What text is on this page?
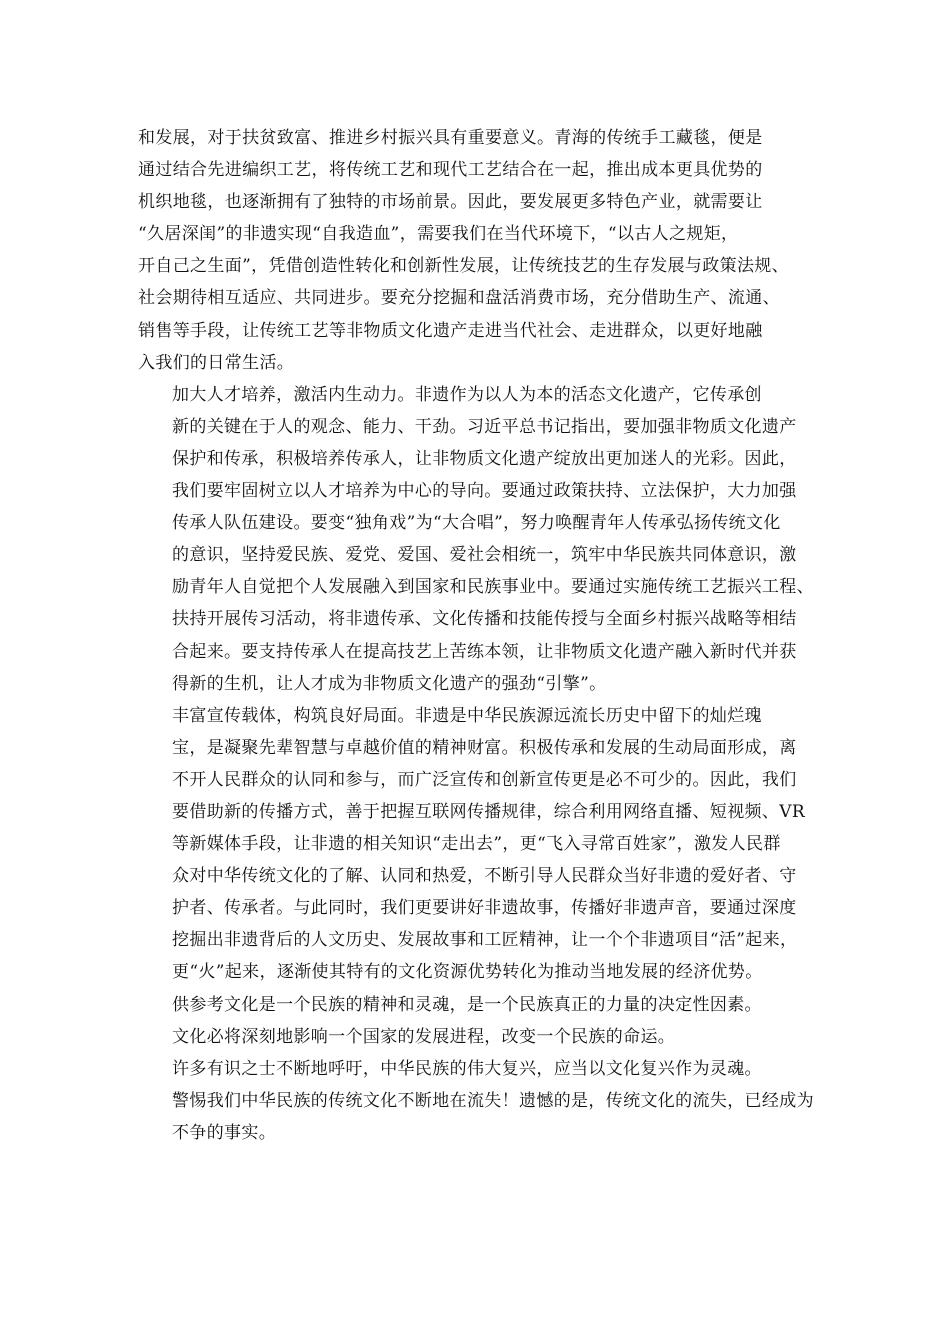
和发展，对于扶贫致富、推进乡村振兴具有重要意义。青海的传统手工藏毯，便是
通过结合先进编织工艺，将传统工艺和现代工艺结合在一起，推出成本更具优势的
机织地毯，也逐渐拥有了独特的市场前景。因此，要发展更多特色产业，就需要让
“久居深闺”的非遗实现“自我造血”，需要我们在当代环境下，“以古人之规矩，
开自己之生面”，凭借创造性转化和创新性发展，让传统技艺的生存发展与政策法规、
社会期待相互适应、共同进步。要充分挖掘和盘活消费市场，充分借助生产、流通、
销售等手段，让传统工艺等非物质文化遗产走进当代社会、走进群众，以更好地融
入我们的日常生活。

加大人才培养，激活内生动力。非遗作为以人为本的活态文化遗产，它传承创
新的关键在于人的观念、能力、干劲。习近平总书记指出，要加强非物质文化遗产
保护和传承，积极培养传承人，让非物质文化遗产绽放出更加迷人的光彩。因此，
我们要牢固树立以人才培养为中心的导向。要通过政策扶持、立法保护，大力加强
传承人队伍建设。要变“独角戏”为“大合唱”，努力唤醒青年人传承弘扬传统文化
的意识，坚持爱民族、爱党、爱国、爱社会相统一，筑牢中华民族共同体意识，激
励青年人自觉把个人发展融入到国家和民族事业中。要通过实施传统工艺振兴工程、
扶持开展传习活动，将非遗传承、文化传播和技能传授与全面乡村振兴战略等相结
合起来。要支持传承人在提高技艺上苦练本领，让非物质文化遗产融入新时代并获
得新的生机，让人才成为非物质文化遗产的强劲“引擎”。

丰富宣传载体，构筑良好局面。非遗是中华民族源远流长历史中留下的灿烂瑰
宝，是凝聚先辈智慧与卓越价值的精神财富。积极传承和发展的生动局面形成，离
不开人民群众的认同和参与，而广泛宣传和创新宣传更是必不可少的。因此，我们
要借助新的传播方式，善于把握互联网传播规律，综合利用网络直播、短视频、VR
等新媒体手段，让非遗的相关知识“走出去”，更“飞入寻常百姓家”，激发人民群
众对中华传统文化的了解、认同和热爱，不断引导人民群众当好非遗的爱好者、守
护者、传承者。与此同时，我们更要讲好非遗故事，传播好非遗声音，要通过深度
挖掘出非遗背后的人文历史、发展故事和工匠精神，让一个个非遗项目“活”起来，
更“火”起来，逐渐使其特有的文化资源优势转化为推动当地发展的经济优势。

供参考文化是一个民族的精神和灵魂，是一个民族真正的力量的决定性因素。
文化必将深刻地影响一个国家的发展进程，改变一个民族的命运。

许多有识之士不断地呼吁，中华民族的伟大复兴，应当以文化复兴作为灵魂。
警惕我们中华民族的传统文化不断地在流失！遗憾的是，传统文化的流失，已经成为
不争的事实。
